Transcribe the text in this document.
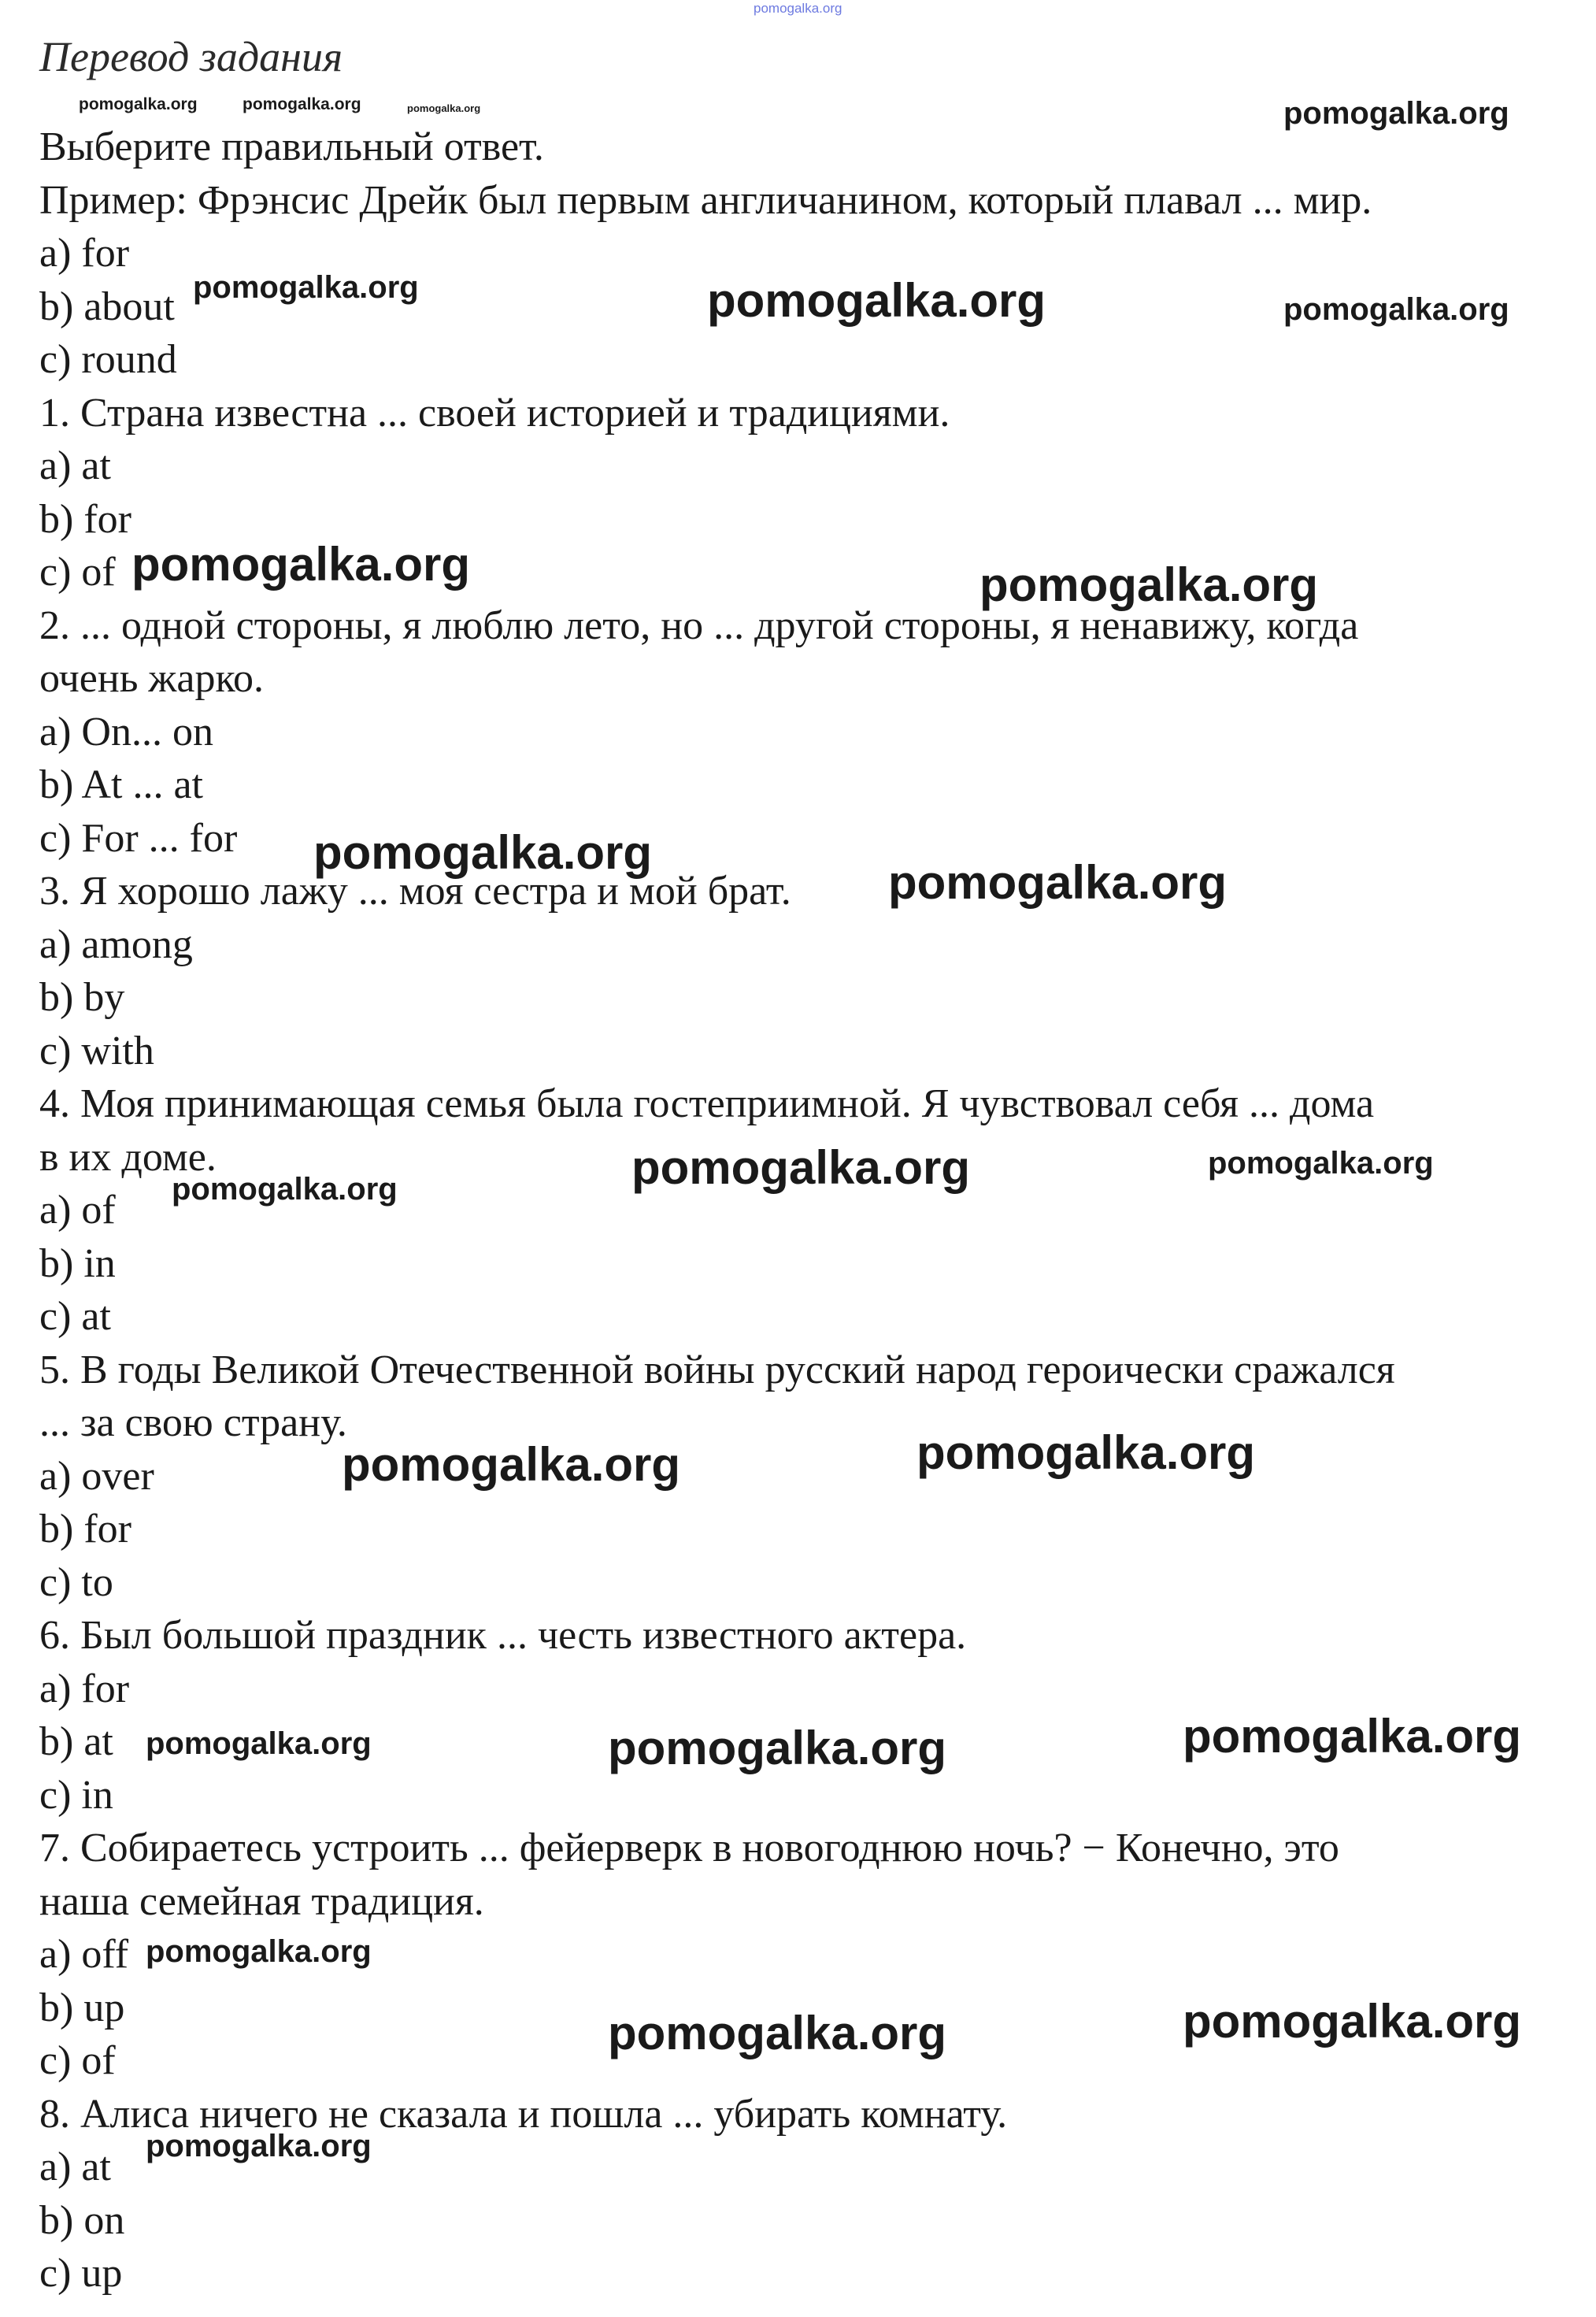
Перевод задания

Выберите правильный ответ.

Пример: Фрэнсис Дрейк был первым англичанином, который плавал ... мир.

a) for

b) about

c) round

1. Страна известна ... своей историей и традициями.

a) at

b) for

c) of

2. ... одной стороны, я люблю лето, но ... другой стороны, я ненавижу, когда

очень жарко.

a) On... on

b) At ... at

c) For ... for

3. Я хорошо лажу ... моя сестра и мой брат.

a) among

b) by

c) with

4. Моя принимающая семья была гостеприимной. Я чувствовал себя ... дома

в их доме.

a) of

b) in

c) at

5. В годы Великой Отечественной войны русский народ героически сражался

... за свою страну.

a) over

b) for

c) to

6. Был большой праздник ... честь известного актера.

a) for

b) at

c) in

7. Собираетесь устроить ... фейерверк в новогоднюю ночь? − Конечно, это

наша семейная традиция.

a) off

b) up

c) of

8. Алиса ничего не сказала и пошла ... убирать комнату.

a) at

b) on

c) up

pomogalka.org
pomogalka.org	pomogalka.org	pomogalka.org	pomogalka.org
pomogalka.org	pomogalka.org	pomogalka.org
pomogalka.org	pomogalka.org
pomogalka.org
pomogalka.org
pomogalka.org	pomogalka.org
pomogalka.org
pomogalka.org
pomogalka.org
pomogalka.org
pomogalka.org	pomogalka.org
pomogalka.org
pomogalka.org
pomogalka.org
pomogalka.org
